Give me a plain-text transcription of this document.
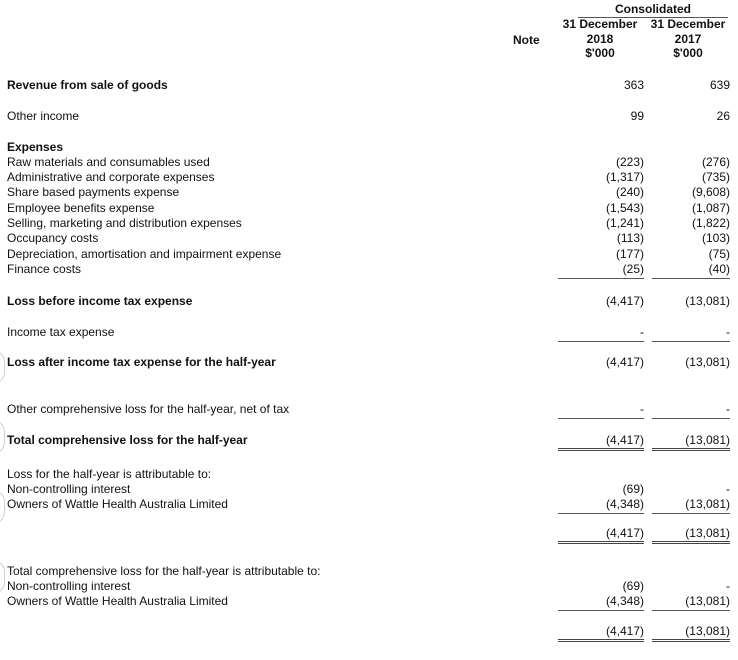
Consolidated
31 December	31 December
Note	2018	2017
$'000	$'000
Revenue from sale of goods	363	639
Other income	99	26
Expenses
Raw materials and consumables used	(223)	(276)
Administrative and corporate expenses	(1,317)	(735)
Share based payments expense	(240)	(9,608)
Employee benefits expense	(1,543)	(1,087)
Selling, marketing and distribution expenses	(1,241)	(1,822)
Occupancy costs	(113)	(103)
Depreciation, amortisation and impairment expense	(177)	(75)
Finance costs	(25)	(40)
Loss before income tax expense	(4,417)	(13,081)
Income tax expense	-	-
Loss after income tax expense for the half-year	(4,417)	(13,081)
Other comprehensive loss for the half-year, net of tax	-	-
Total comprehensive loss for the half-year	(4,417)	(13,081)
Loss for the half-year is attributable to:
Non-controlling interest	(69)	-
Owners of Wattle Health Australia Limited	(4,348)	(13,081)
(4,417)	(13,081)
Total comprehensive loss for the half-year is attributable to:
Non-controlling interest	(69)	-
Owners of Wattle Health Australia Limited	(4,348)	(13,081)
(4,417)	(13,081)
